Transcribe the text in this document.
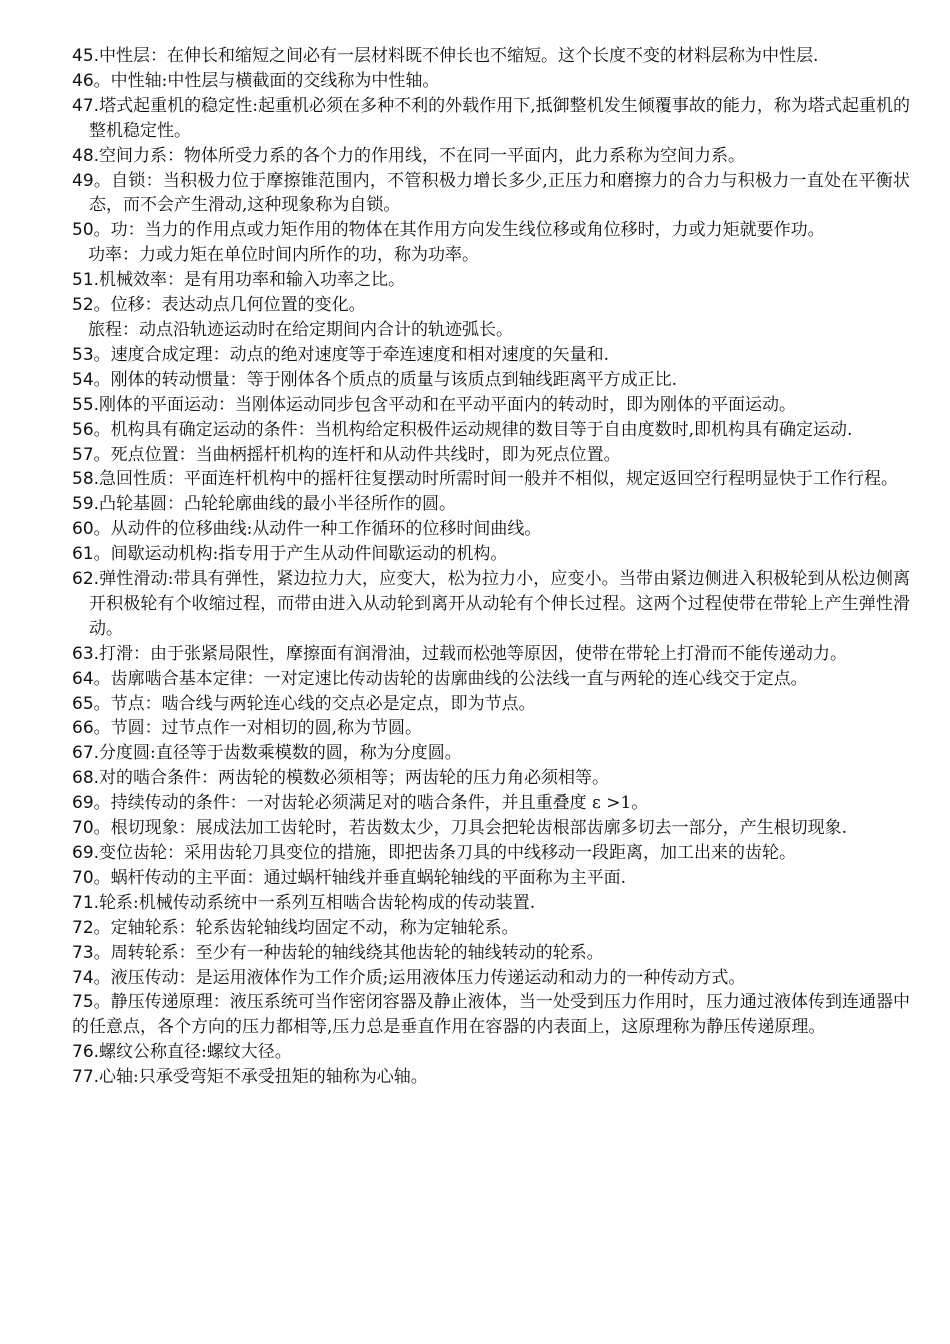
45.中性层：在伸长和缩短之间必有一层材料既不伸长也不缩短。这个长度不变的材料层称为中性层.

46。中性轴:中性层与横截面的交线称为中性轴。

47.塔式起重机的稳定性:起重机必须在多种不利的外载作用下,抵御整机发生倾覆事故的能力，称为塔式起重机的整机稳定性。

48.空间力系：物体所受力系的各个力的作用线，不在同一平面内，此力系称为空间力系。

49。自锁：当积极力位于摩擦锥范围内，不管积极力增长多少,正压力和磨擦力的合力与积极力一直处在平衡状态，而不会产生滑动,这种现象称为自锁。

50。功：当力的作用点或力矩作用的物体在其作用方向发生线位移或角位移时，力或力矩就要作功。

功率：力或力矩在单位时间内所作的功，称为功率。

51.机械效率：是有用功率和输入功率之比。

52。位移：表达动点几何位置的变化。

旅程：动点沿轨迹运动时在给定期间内合计的轨迹弧长。

53。速度合成定理：动点的绝对速度等于牵连速度和相对速度的矢量和.

54。刚体的转动惯量：等于刚体各个质点的质量与该质点到轴线距离平方成正比.

55.刚体的平面运动：当刚体运动同步包含平动和在平动平面内的转动时，即为刚体的平面运动。

56。机构具有确定运动的条件：当机构给定积极件运动规律的数目等于自由度数时,即机构具有确定运动.

57。死点位置：当曲柄摇杆机构的连杆和从动件共线时，即为死点位置。

58.急回性质：平面连杆机构中的摇杆往复摆动时所需时间一般并不相似，规定返回空行程明显快于工作行程。

59.凸轮基圆：凸轮轮廓曲线的最小半径所作的圆。

60。从动件的位移曲线:从动件一种工作循环的位移时间曲线。

61。间歇运动机构:指专用于产生从动件间歇运动的机构。

62.弹性滑动:带具有弹性，紧边拉力大，应变大，松为拉力小，应变小。当带由紧边侧进入积极轮到从松边侧离开积极轮有个收缩过程，而带由进入从动轮到离开从动轮有个伸长过程。这两个过程使带在带轮上产生弹性滑动。

63.打滑：由于张紧局限性，摩擦面有润滑油，过载而松弛等原因，使带在带轮上打滑而不能传递动力。

64。齿廓啮合基本定律：一对定速比传动齿轮的齿廓曲线的公法线一直与两轮的连心线交于定点。

65。节点：啮合线与两轮连心线的交点必是定点，即为节点。

66。节圆：过节点作一对相切的圆,称为节圆。

67.分度圆:直径等于齿数乘模数的圆，称为分度圆。

68.对的啮合条件：两齿轮的模数必须相等；两齿轮的压力角必须相等。

69。持续传动的条件：一对齿轮必须满足对的啮合条件，并且重叠度 ε >1。

70。根切现象：展成法加工齿轮时，若齿数太少，刀具会把轮齿根部齿廓多切去一部分，产生根切现象.

69.变位齿轮：采用齿轮刀具变位的措施，即把齿条刀具的中线移动一段距离，加工出来的齿轮。

70。蜗杆传动的主平面：通过蜗杆轴线并垂直蜗轮轴线的平面称为主平面.

71.轮系:机械传动系统中一系列互相啮合齿轮构成的传动装置.

72。定轴轮系：轮系齿轮轴线均固定不动，称为定轴轮系。

73。周转轮系：至少有一种齿轮的轴线绕其他齿轮的轴线转动的轮系。

74。液压传动：是运用液体作为工作介质;运用液体压力传递运动和动力的一种传动方式。

75。静压传递原理：液压系统可当作密闭容器及静止液体，当一处受到压力作用时，压力通过液体传到连通器中的任意点，各个方向的压力都相等,压力总是垂直作用在容器的内表面上，这原理称为静压传递原理。

76.螺纹公称直径:螺纹大径。

77.心轴:只承受弯矩不承受扭矩的轴称为心轴。
